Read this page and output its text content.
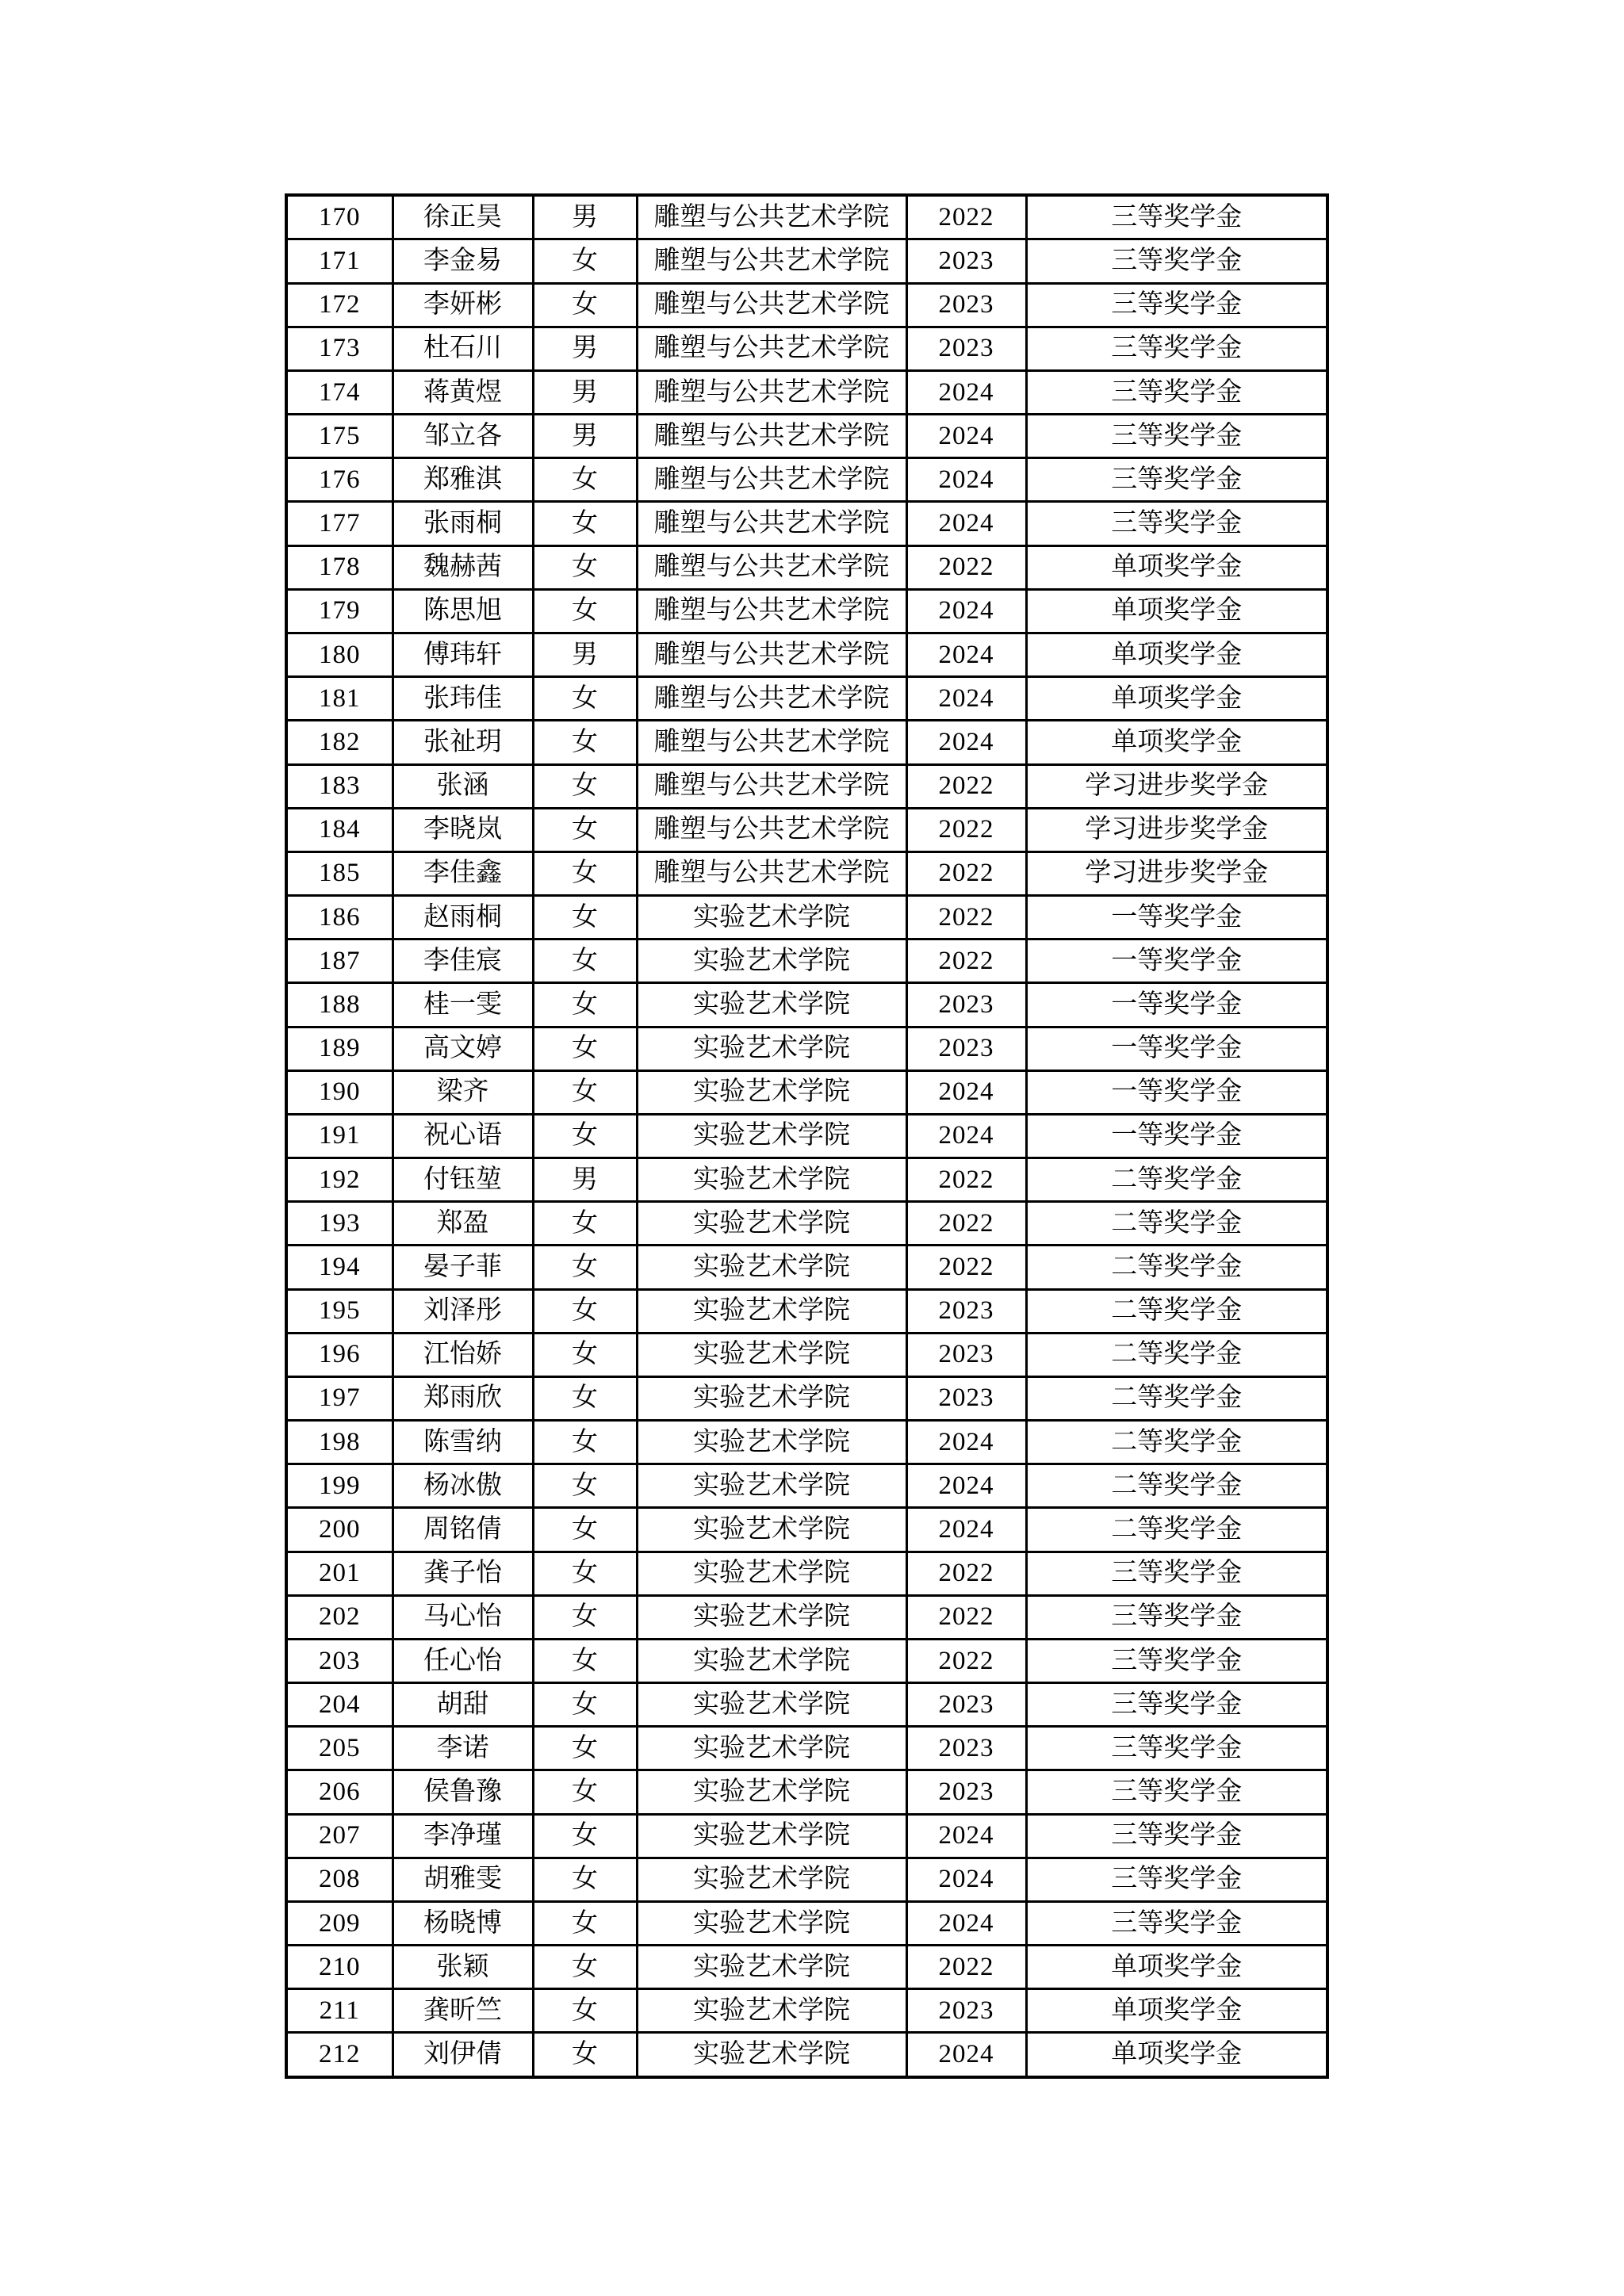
170	徐正昊	男	雕塑与公共艺术学院	2022	三等奖学金
171	李金易	女	雕塑与公共艺术学院	2023	三等奖学金
172	李妍彬	女	雕塑与公共艺术学院	2023	三等奖学金
173	杜石川	男	雕塑与公共艺术学院	2023	三等奖学金
174	蒋黄煜	男	雕塑与公共艺术学院	2024	三等奖学金
175	邹立各	男	雕塑与公共艺术学院	2024	三等奖学金
176	郑雅淇	女	雕塑与公共艺术学院	2024	三等奖学金
177	张雨桐	女	雕塑与公共艺术学院	2024	三等奖学金
178	魏赫茜	女	雕塑与公共艺术学院	2022	单项奖学金
179	陈思旭	女	雕塑与公共艺术学院	2024	单项奖学金
180	傅玮轩	男	雕塑与公共艺术学院	2024	单项奖学金
181	张玮佳	女	雕塑与公共艺术学院	2024	单项奖学金
182	张祉玥	女	雕塑与公共艺术学院	2024	单项奖学金
183	张涵	女	雕塑与公共艺术学院	2022	学习进步奖学金
184	李晓岚	女	雕塑与公共艺术学院	2022	学习进步奖学金
185	李佳鑫	女	雕塑与公共艺术学院	2022	学习进步奖学金
186	赵雨桐	女	实验艺术学院	2022	一等奖学金
187	李佳宸	女	实验艺术学院	2022	一等奖学金
188	桂一雯	女	实验艺术学院	2023	一等奖学金
189	高文婷	女	实验艺术学院	2023	一等奖学金
190	梁齐	女	实验艺术学院	2024	一等奖学金
191	祝心语	女	实验艺术学院	2024	一等奖学金
192	付钰堃	男	实验艺术学院	2022	二等奖学金
193	郑盈	女	实验艺术学院	2022	二等奖学金
194	晏子菲	女	实验艺术学院	2022	二等奖学金
195	刘泽彤	女	实验艺术学院	2023	二等奖学金
196	江怡娇	女	实验艺术学院	2023	二等奖学金
197	郑雨欣	女	实验艺术学院	2023	二等奖学金
198	陈雪纳	女	实验艺术学院	2024	二等奖学金
199	杨冰傲	女	实验艺术学院	2024	二等奖学金
200	周铭倩	女	实验艺术学院	2024	二等奖学金
201	龚子怡	女	实验艺术学院	2022	三等奖学金
202	马心怡	女	实验艺术学院	2022	三等奖学金
203	任心怡	女	实验艺术学院	2022	三等奖学金
204	胡甜	女	实验艺术学院	2023	三等奖学金
205	李诺	女	实验艺术学院	2023	三等奖学金
206	侯鲁豫	女	实验艺术学院	2023	三等奖学金
207	李净瑾	女	实验艺术学院	2024	三等奖学金
208	胡雅雯	女	实验艺术学院	2024	三等奖学金
209	杨晓博	女	实验艺术学院	2024	三等奖学金
210	张颖	女	实验艺术学院	2022	单项奖学金
211	龚昕竺	女	实验艺术学院	2023	单项奖学金
212	刘伊倩	女	实验艺术学院	2024	单项奖学金
